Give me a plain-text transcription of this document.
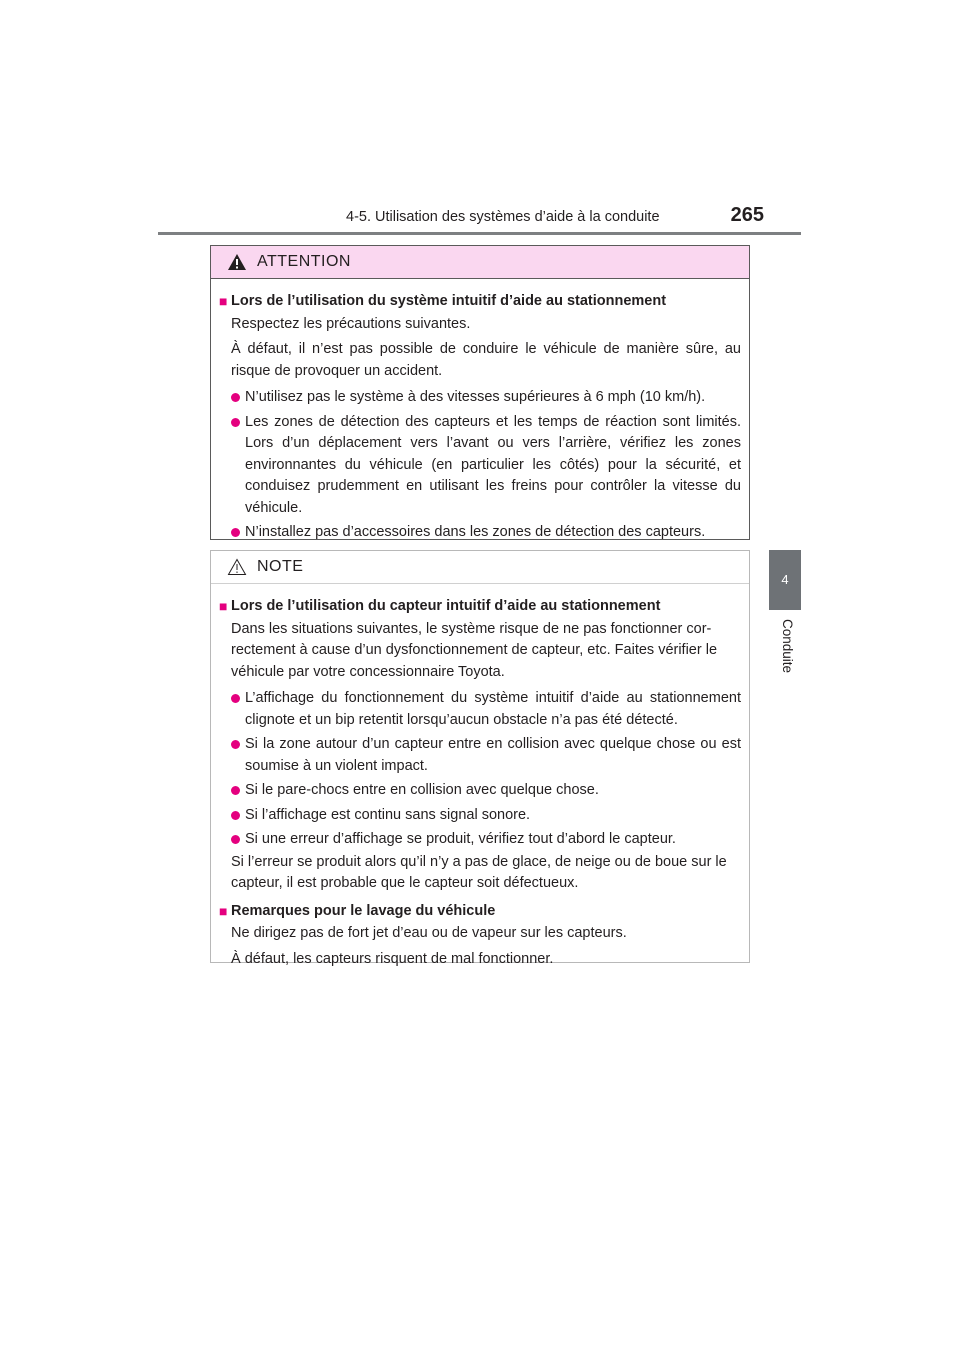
4-5. Utilisation des systèmes d’aide à la conduite	265
4
Conduite
ATTENTION
■ Lors de l’utilisation du système intuitif d’aide au stationnement

Respectez les précautions suivantes.

À défaut, il n’est pas possible de conduire le véhicule de manière sûre, au risque de provoquer un accident.

N’utilisez pas le système à des vitesses supérieures à 6 mph (10 km/h).
Les zones de détection des capteurs et les temps de réaction sont limités. Lors d’un déplacement vers l’avant ou vers l’arrière, vérifiez les zones environnantes du véhicule (en particulier les côtés) pour la sécurité, et conduisez prudemment en utilisant les freins pour contrôler la vitesse du véhicule.
N’installez pas d’accessoires dans les zones de détection des capteurs.
NOTE
■ Lors de l’utilisation du capteur intuitif d’aide au stationnement

Dans les situations suivantes, le système risque de ne pas fonctionner cor-rectement à cause d’un dysfonctionnement de capteur, etc. Faites vérifier le véhicule par votre concessionnaire Toyota.

L’affichage du fonctionnement du système intuitif d’aide au stationnement clignote et un bip retentit lorsqu’aucun obstacle n’a pas été détecté.
Si la zone autour d’un capteur entre en collision avec quelque chose ou est soumise à un violent impact.
Si le pare-chocs entre en collision avec quelque chose.
Si l’affichage est continu sans signal sonore.
Si une erreur d’affichage se produit, vérifiez tout d’abord le capteur.

Si l’erreur se produit alors qu’il n’y a pas de glace, de neige ou de boue sur le capteur, il est probable que le capteur soit défectueux.

■ Remarques pour le lavage du véhicule

Ne dirigez pas de fort jet d’eau ou de vapeur sur les capteurs.

À défaut, les capteurs risquent de mal fonctionner.
